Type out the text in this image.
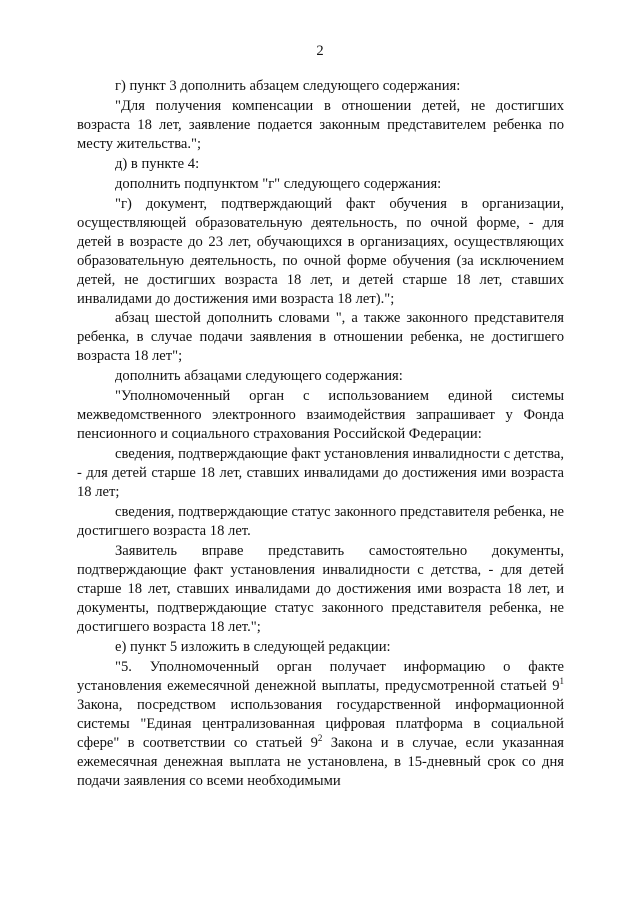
2

г) пункт 3 дополнить абзацем следующего содержания:

"Для получения компенсации в отношении детей, не достигших возраста 18 лет, заявление подается законным представителем ребенка по месту жительства.";

д) в пункте 4:

дополнить подпунктом "г" следующего содержания:

"г) документ, подтверждающий факт обучения в организации, осуществляющей образовательную деятельность, по очной форме, - для детей в возрасте до 23 лет, обучающихся в организациях, осуществляющих образовательную деятельность, по очной форме обучения (за исключением детей, не достигших возраста 18 лет, и детей старше 18 лет, ставших инвалидами до достижения ими возраста 18 лет).";

абзац шестой дополнить словами ", а также законного представителя ребенка, в случае подачи заявления в отношении ребенка, не достигшего возраста 18 лет";

дополнить абзацами следующего содержания:

"Уполномоченный орган с использованием единой системы межведомственного электронного взаимодействия запрашивает у Фонда пенсионного и социального страхования Российской Федерации:

сведения, подтверждающие факт установления инвалидности с детства, - для детей старше 18 лет, ставших инвалидами до достижения ими возраста 18 лет;

сведения, подтверждающие статус законного представителя ребенка, не достигшего возраста 18 лет.

Заявитель вправе представить самостоятельно документы, подтверждающие факт установления инвалидности с детства, - для детей старше 18 лет, ставших инвалидами до достижения ими возраста 18 лет, и документы, подтверждающие статус законного представителя ребенка, не достигшего возраста 18 лет.";

е) пункт 5 изложить в следующей редакции:

"5. Уполномоченный орган получает информацию о факте установления ежемесячной денежной выплаты, предусмотренной статьей $9^1$ Закона, посредством использования государственной информационной системы "Единая централизованная цифровая платформа в социальной сфере" в соответствии со статьей $9^2$ Закона и в случае, если указанная ежемесячная денежная выплата не установлена, в 15-дневный срок со дня подачи заявления со всеми необходимыми
